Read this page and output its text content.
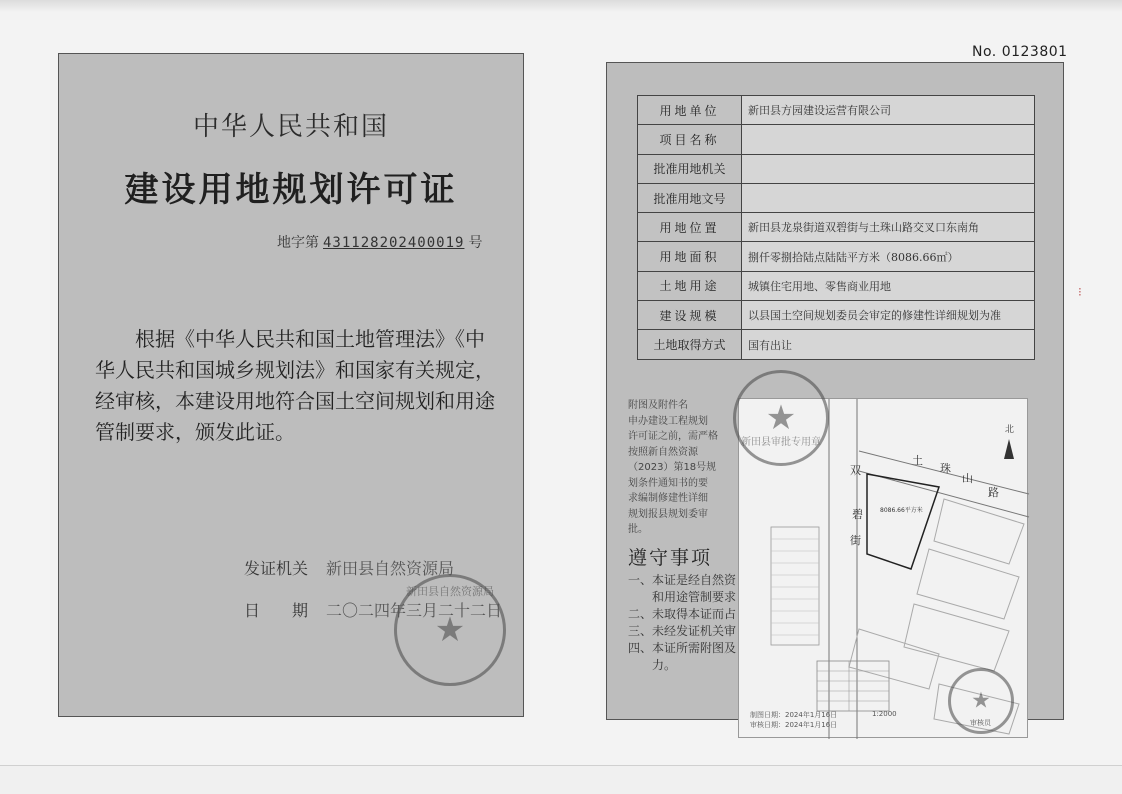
中华人民共和国
建设用地规划许可证
地字第 431128202400019 号
根据《中华人民共和国土地管理法》《中华人民共和国城乡规划法》和国家有关规定，经审核，本建设用地符合国土空间规划和用途管制要求，颁发此证。
新田县自然资源局
★
发证机关 新田县自然资源局
日　　期 二〇二四年三月二十二日
No. 0123801
用地单位	新田县方园建设运营有限公司
项目名称	
批准用地机关	
批准用地文号	
用地位置	新田县龙泉街道双碧街与土珠山路交叉口东南角
用地面积	捌仟零捌拾陆点陆陆平方米（8086.66㎡）
土地用途	城镇住宅用地、零售商业用地
建设规模	以县国土空间规划委员会审定的修建性详细规划为准
土地取得方式	国有出让
附图及附件名
申办建设工程规划
许可证之前，需严格
按照新自然资源
（2023）第18号规
划条件通知书的要
求编制修建性详细
规划报县规划委审
批。
遵守事项
一、本证是经自然资
　　和用途管制要求
二、未取得本证而占
三、未经发证机关审
四、本证所需附图及
　　力。
8086.66平方米
双
碧
街
土
珠
山
路
北
制图日期：2024年1月16日
审核日期：2024年1月16日
1:2000
审核员
新田县审批专用章
★
★
⁝
